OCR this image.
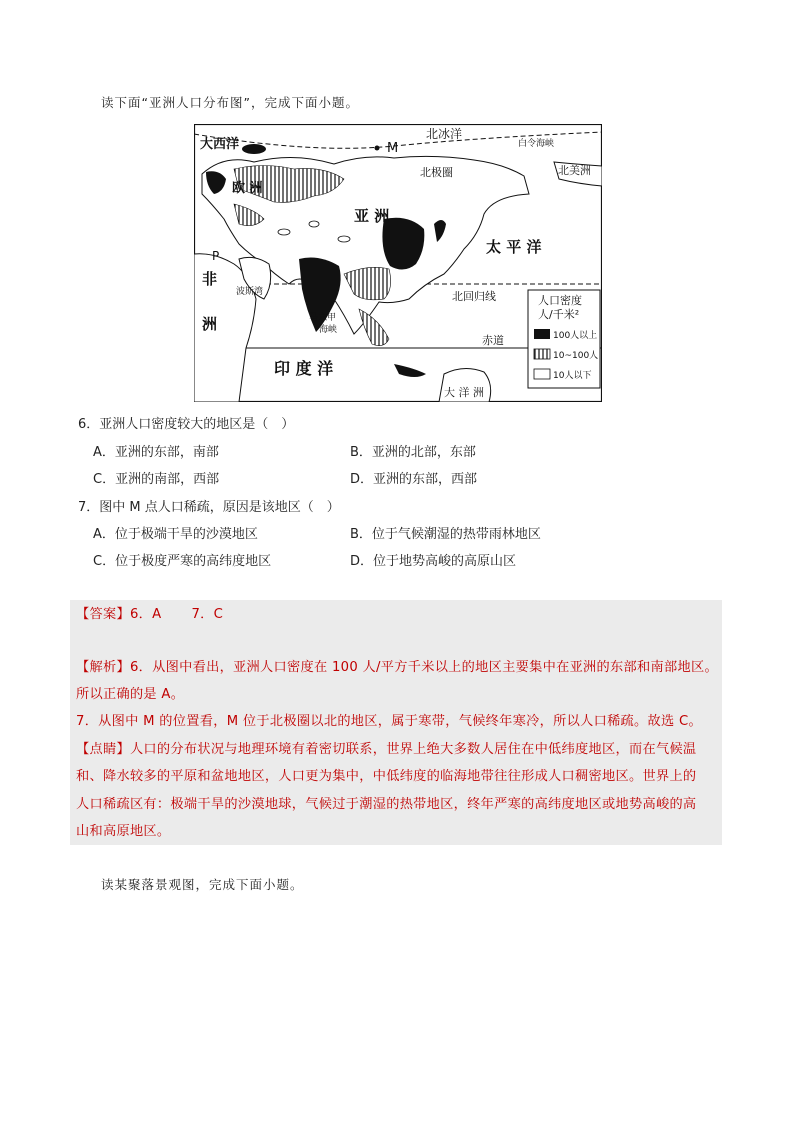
读下面“亚洲人口分布图”，完成下面小题。
大西洋
北冰洋
M	白令海峡
北美洲
北极圈
欧 洲
亚 洲
太 平 洋
P
非
洲
波斯湾
马六甲
海峡
北回归线
赤道
印 度 洋
大 洋 洲
人口密度
人/千米²
100人以上
10~100人
10人以下
6．亚洲人口密度较大的地区是（　）
A．亚洲的东部，南部	B．亚洲的北部，东部
C．亚洲的南部，西部	D．亚洲的东部，西部
7．图中 M 点人口稀疏，原因是该地区（　）
A．位于极端干旱的沙漠地区	B．位于气候潮湿的热带雨林地区
C．位于极度严寒的高纬度地区	D．位于地势高峻的高原山区
【答案】6．A 7．C
【解析】6．从图中看出，亚洲人口密度在 100 人/平方千米以上的地区主要集中在亚洲的东部和南部地区。
所以正确的是 A。
7．从图中 M 的位置看，M 位于北极圈以北的地区，属于寒带，气候终年寒冷，所以人口稀疏。故选 C。
【点睛】人口的分布状况与地理环境有着密切联系，世界上绝大多数人居住在中低纬度地区，而在气候温
和、降水较多的平原和盆地地区，人口更为集中，中低纬度的临海地带往往形成人口稠密地区。世界上的
人口稀疏区有：极端干旱的沙漠地球，气候过于潮湿的热带地区，终年严寒的高纬度地区或地势高峻的高
山和高原地区。
读某聚落景观图，完成下面小题。
